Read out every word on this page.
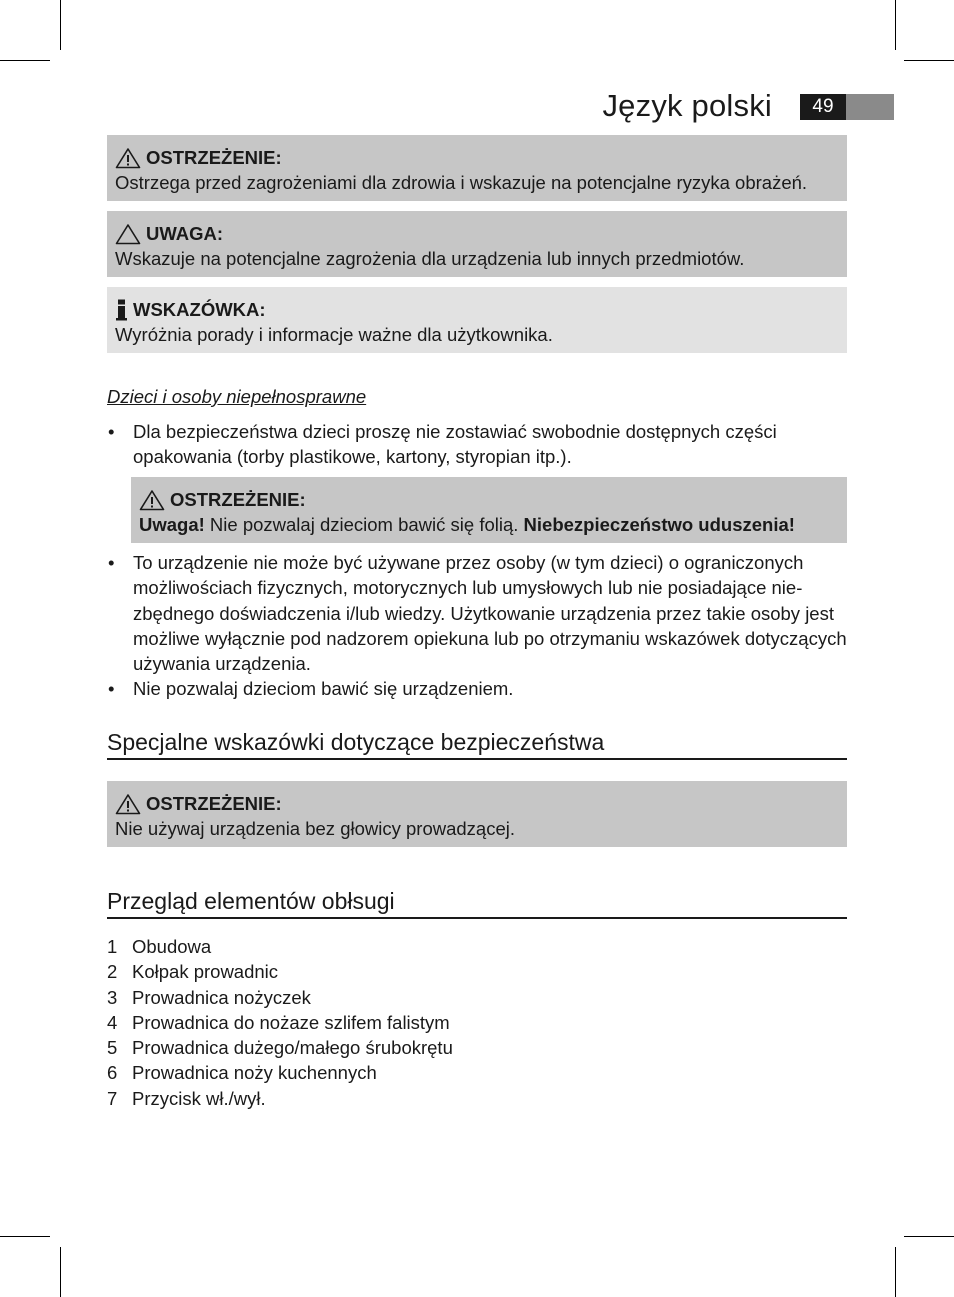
Język polski	49
OSTRZEŻENIE:
Ostrzega przed zagrożeniami dla zdrowia i wskazuje na potencjalne ryzyka obrażeń.
UWAGA:
Wskazuje na potencjalne zagrożenia dla urządzenia lub innych przedmiotów.
WSKAZÓWKA:
Wyróżnia porady i informacje ważne dla użytkownika.
Dzieci i osoby niepełnosprawne
• Dla bezpieczeństwa dzieci proszę nie zostawiać swobodnie dostępnych części opakowania (torby plastikowe, kartony, styropian itp.).
OSTRZEŻENIE:
Uwaga! Nie pozwalaj dzieciom bawić się folią. Niebezpieczeństwo uduszenia!
• To urządzenie nie może być używane przez osoby (w tym dzieci) o ograniczonych możliwościach fizycznych, motorycznych lub umysłowych lub nie posiadające nie-zbędnego doświadczenia i/lub wiedzy. Użytkowanie urządzenia przez takie osoby jest możliwe wyłącznie pod nadzorem opiekuna lub po otrzymaniu wskazówek dotyczących używania urządzenia.
• Nie pozwalaj dzieciom bawić się urządzeniem.
Specjalne wskazówki dotyczące bezpieczeństwa
OSTRZEŻENIE:
Nie używaj urządzenia bez głowicy prowadzącej.
Przegląd elementów obłsugi
1 Obudowa
2 Kołpak prowadnic
3 Prowadnica nożyczek
4 Prowadnica do nożaze szlifem falistym
5 Prowadnica dużego/małego śrubokrętu
6 Prowadnica noży kuchennych
7 Przycisk wł./wył.
